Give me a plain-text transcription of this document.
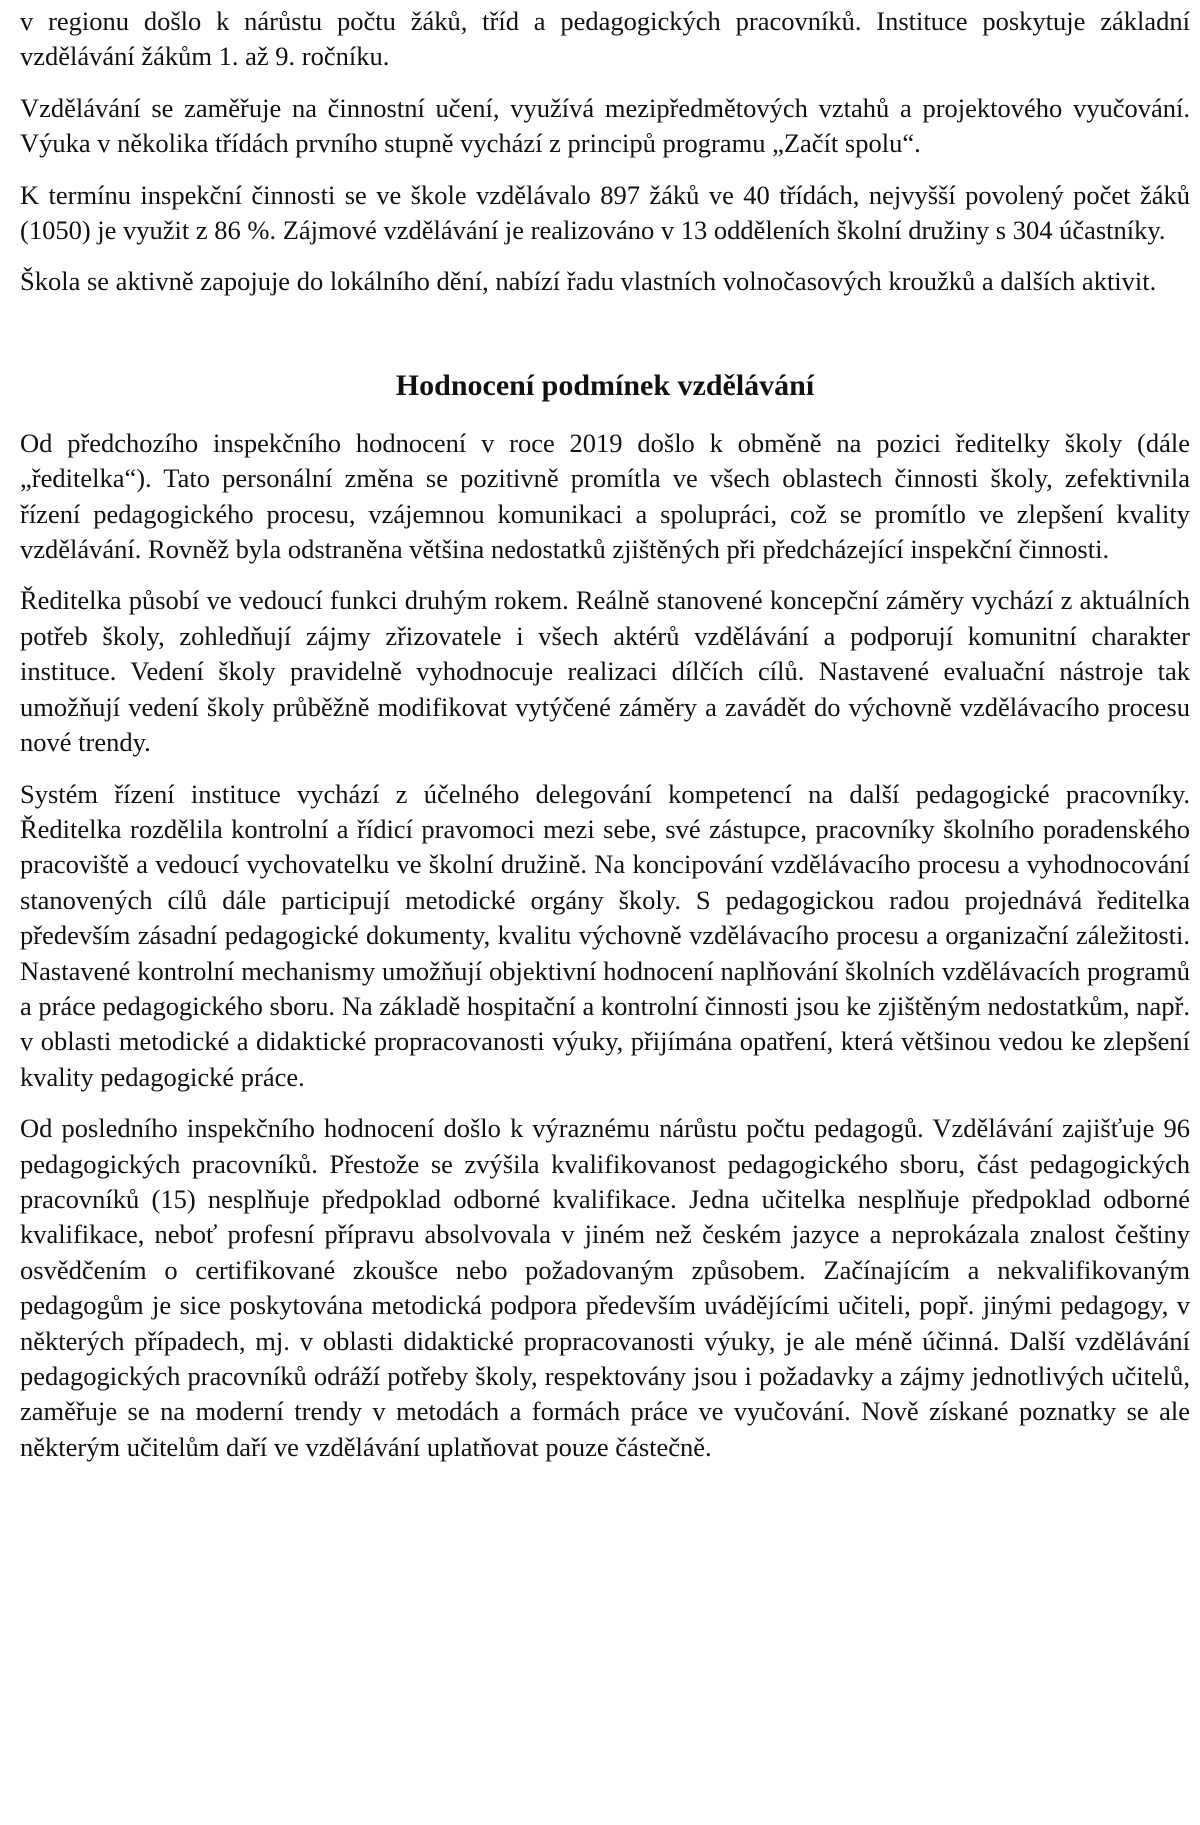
v regionu došlo k nárůstu počtu žáků, tříd a pedagogických pracovníků. Instituce poskytuje základní vzdělávání žákům 1. až 9. ročníku.

Vzdělávání se zaměřuje na činnostní učení, využívá mezipředmětových vztahů a projektového vyučování. Výuka v několika třídách prvního stupně vychází z principů programu „Začít spolu“.

K termínu inspekční činnosti se ve škole vzdělávalo 897 žáků ve 40 třídách, nejvyšší povolený počet žáků (1050) je využit z 86 %. Zájmové vzdělávání je realizováno v 13 odděleních školní družiny s 304 účastníky.

Škola se aktivně zapojuje do lokálního dění, nabízí řadu vlastních volnočasových kroužků a dalších aktivit.

Hodnocení podmínek vzdělávání

Od předchozího inspekčního hodnocení v roce 2019 došlo k obměně na pozici ředitelky školy (dále „ředitelka“). Tato personální změna se pozitivně promítla ve všech oblastech činnosti školy, zefektivnila řízení pedagogického procesu, vzájemnou komunikaci a spolupráci, což se promítlo ve zlepšení kvality vzdělávání. Rovněž byla odstraněna většina nedostatků zjištěných při předcházející inspekční činnosti.

Ředitelka působí ve vedoucí funkci druhým rokem. Reálně stanovené koncepční záměry vychází z aktuálních potřeb školy, zohledňují zájmy zřizovatele i všech aktérů vzdělávání a podporují komunitní charakter instituce. Vedení školy pravidelně vyhodnocuje realizaci dílčích cílů. Nastavené evaluační nástroje tak umožňují vedení školy průběžně modifikovat vytýčené záměry a zavádět do výchovně vzdělávacího procesu nové trendy.

Systém řízení instituce vychází z účelného delegování kompetencí na další pedagogické pracovníky. Ředitelka rozdělila kontrolní a řídicí pravomoci mezi sebe, své zástupce, pracovníky školního poradenského pracoviště a vedoucí vychovatelku ve školní družině. Na koncipování vzdělávacího procesu a vyhodnocování stanovených cílů dále participují metodické orgány školy. S pedagogickou radou projednává ředitelka především zásadní pedagogické dokumenty, kvalitu výchovně vzdělávacího procesu a organizační záležitosti. Nastavené kontrolní mechanismy umožňují objektivní hodnocení naplňování školních vzdělávacích programů a práce pedagogického sboru. Na základě hospitační a kontrolní činnosti jsou ke zjištěným nedostatkům, např. v oblasti metodické a didaktické propracovanosti výuky, přijímána opatření, která většinou vedou ke zlepšení kvality pedagogické práce.

Od posledního inspekčního hodnocení došlo k výraznému nárůstu počtu pedagogů. Vzdělávání zajišťuje 96 pedagogických pracovníků. Přestože se zvýšila kvalifikovanost pedagogického sboru, část pedagogických pracovníků (15) nesplňuje předpoklad odborné kvalifikace. Jedna učitelka nesplňuje předpoklad odborné kvalifikace, neboť profesní přípravu absolvovala v jiném než českém jazyce a neprokázala znalost češtiny osvědčením o certifikované zkoušce nebo požadovaným způsobem. Začínajícím a nekvalifikovaným pedagogům je sice poskytována metodická podpora především uvádějícími učiteli, popř. jinými pedagogy, v některých případech, mj. v oblasti didaktické propracovanosti výuky, je ale méně účinná. Další vzdělávání pedagogických pracovníků odráží potřeby školy, respektovány jsou i požadavky a zájmy jednotlivých učitelů, zaměřuje se na moderní trendy v metodách a formách práce ve vyučování. Nově získané poznatky se ale některým učitelům daří ve vzdělávání uplatňovat pouze částečně.
